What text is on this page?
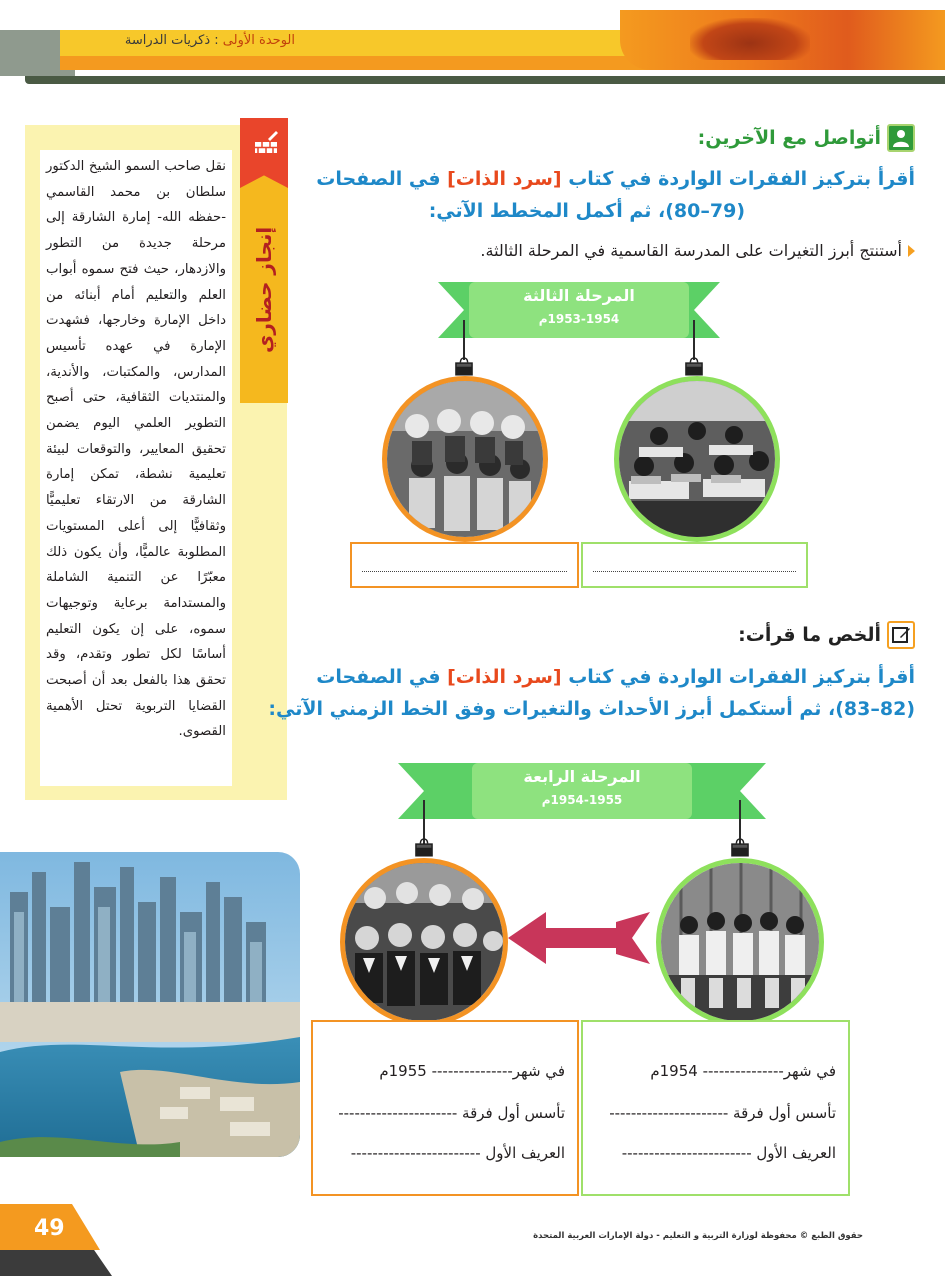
الوحدة الأولى : ذكريات الدراسة
نقل صاحب السمو الشيخ الدكتور سلطان بن محمد القاسمي -حفظه الله- إمارة الشارقة إلى مرحلة جديدة من التطور والازدهار، حيث فتح سموه أبواب العلم والتعليم أمام أبنائه من داخل الإمارة وخارجها، فشهدت الإمارة في عهده تأسيس المدارس، والمكتبات، والأندية، والمنتديات الثقافية، حتى أصبح التطوير العلمي اليوم يضمن تحقيق المعايير، والتوقعات لبيئة تعليمية نشطة، تمكن إمارة الشارقة من الارتقاء تعليميًّا وثقافيًّا إلى أعلى المستويات المطلوبة عالميًّا، وأن يكون ذلك معبّرًا عن التنمية الشاملة والمستدامة برعاية وتوجيهات سموه، على إن يكون التعليم أساسًا لكل تطور وتقدم، وقد تحقق هذا بالفعل بعد أن أصبحت القضايا التربوية تحتل الأهمية القصوى.
إنجاز حضاري
أتواصل مع الآخرين:
أقرأ بتركيز الفقرات الواردة في كتاب [سرد الذات] في الصفحات
(79–80)، ثم أكمل المخطط الآتي:
أستنتج أبرز التغيرات على المدرسة القاسمية في المرحلة الثالثة.
المرحلة الثالثة
1953-1954م
ألخص ما قرأت:
أقرأ بتركيز الفقرات الواردة في كتاب [سرد الذات] في الصفحات
(82–83)، ثم أستكمل أبرز الأحداث والتغيرات وفق الخط الزمني الآتي:
المرحلة الرابعة
1954-1955م
في شهر--------------- 1955م
تأسس أول فرقة ----------------------
العريف الأول ------------------------
في شهر--------------- 1954م
تأسس أول فرقة ----------------------
العريف الأول ------------------------
49	حقوق الطبع © محفوظة لوزارة التربية و التعليم - دولة الإمارات العربية المتحدة
